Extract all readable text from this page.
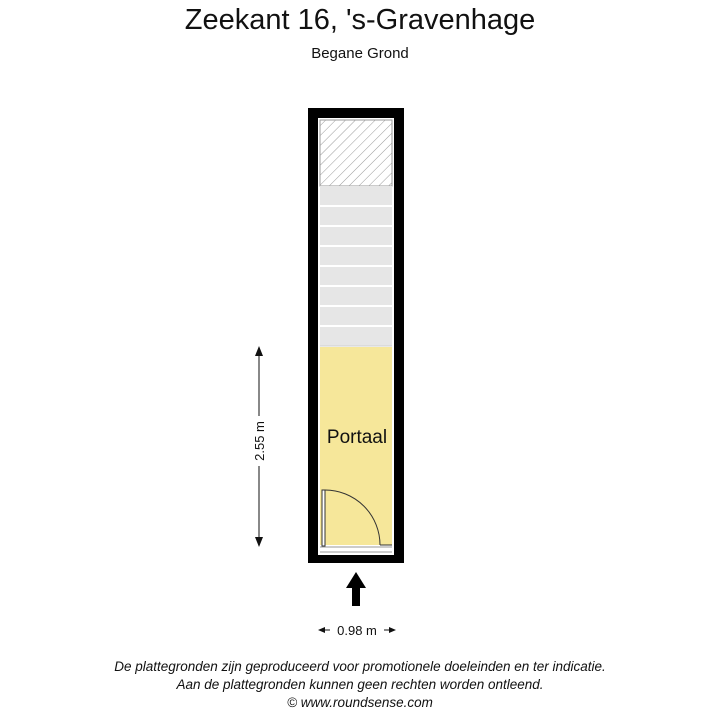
Zeekant 16, 's-Gravenhage
Begane Grond
Portaal
2.55 m
0.98 m
De plattegronden zijn geproduceerd voor promotionele doeleinden en ter indicatie.
Aan de plattegronden kunnen geen rechten worden ontleend.
© www.roundsense.com
